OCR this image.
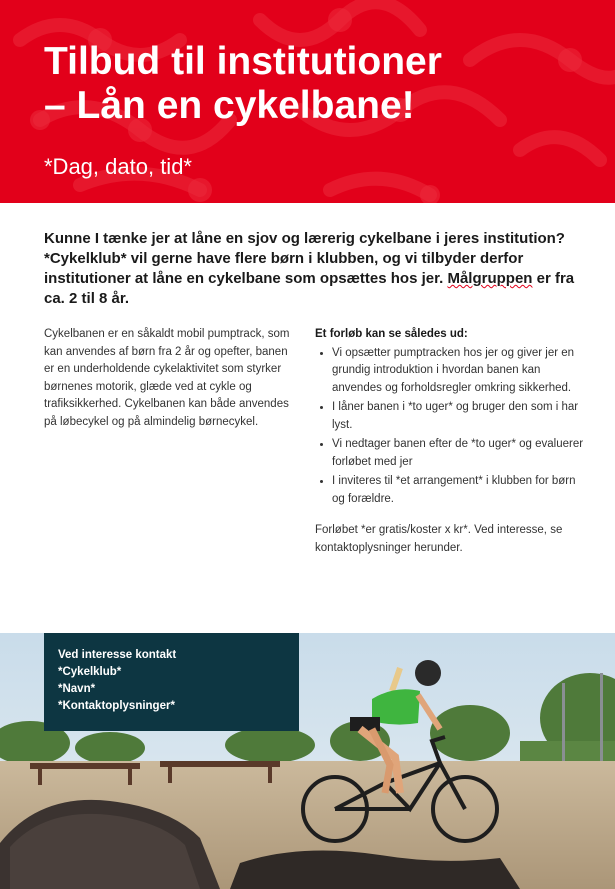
Tilbud til institutioner
– Lån en cykelbane!
*Dag, dato, tid*

Kunne I tænke jer at låne en sjov og lærerig cykelbane i jeres institution? *Cykelklub* vil gerne have flere børn i klubben, og vi tilbyder derfor institutioner at låne en cykelbane som opsættes hos jer. Målgruppen er fra ca. 2 til 8 år.

Cykelbanen er en såkaldt mobil pumptrack, som kan anvendes af børn fra 2 år og opefter, banen er en underholdende cykelaktivitet som styrker børnenes motorik, glæde ved at cykle og trafiksikkerhed. Cykelbanen kan både anvendes på løbecykel og på almindelig børnecykel.

Et forløb kan se således ud:
• Vi opsætter pumptracken hos jer og giver jer en grundig introduktion i hvordan banen kan anvendes og forholdsregler omkring sikkerhed.
• I låner banen i *to uger* og bruger den som i har lyst.
• Vi nedtager banen efter de *to uger* og evaluerer forløbet med jer
• I inviteres til *et arrangement* i klubben for børn og forældre.

Forløbet *er gratis/koster x kr*. Ved interesse, se kontaktoplysninger herunder.

Ved interesse kontakt
*Cykelklub*
*Navn*
*Kontaktoplysninger*
